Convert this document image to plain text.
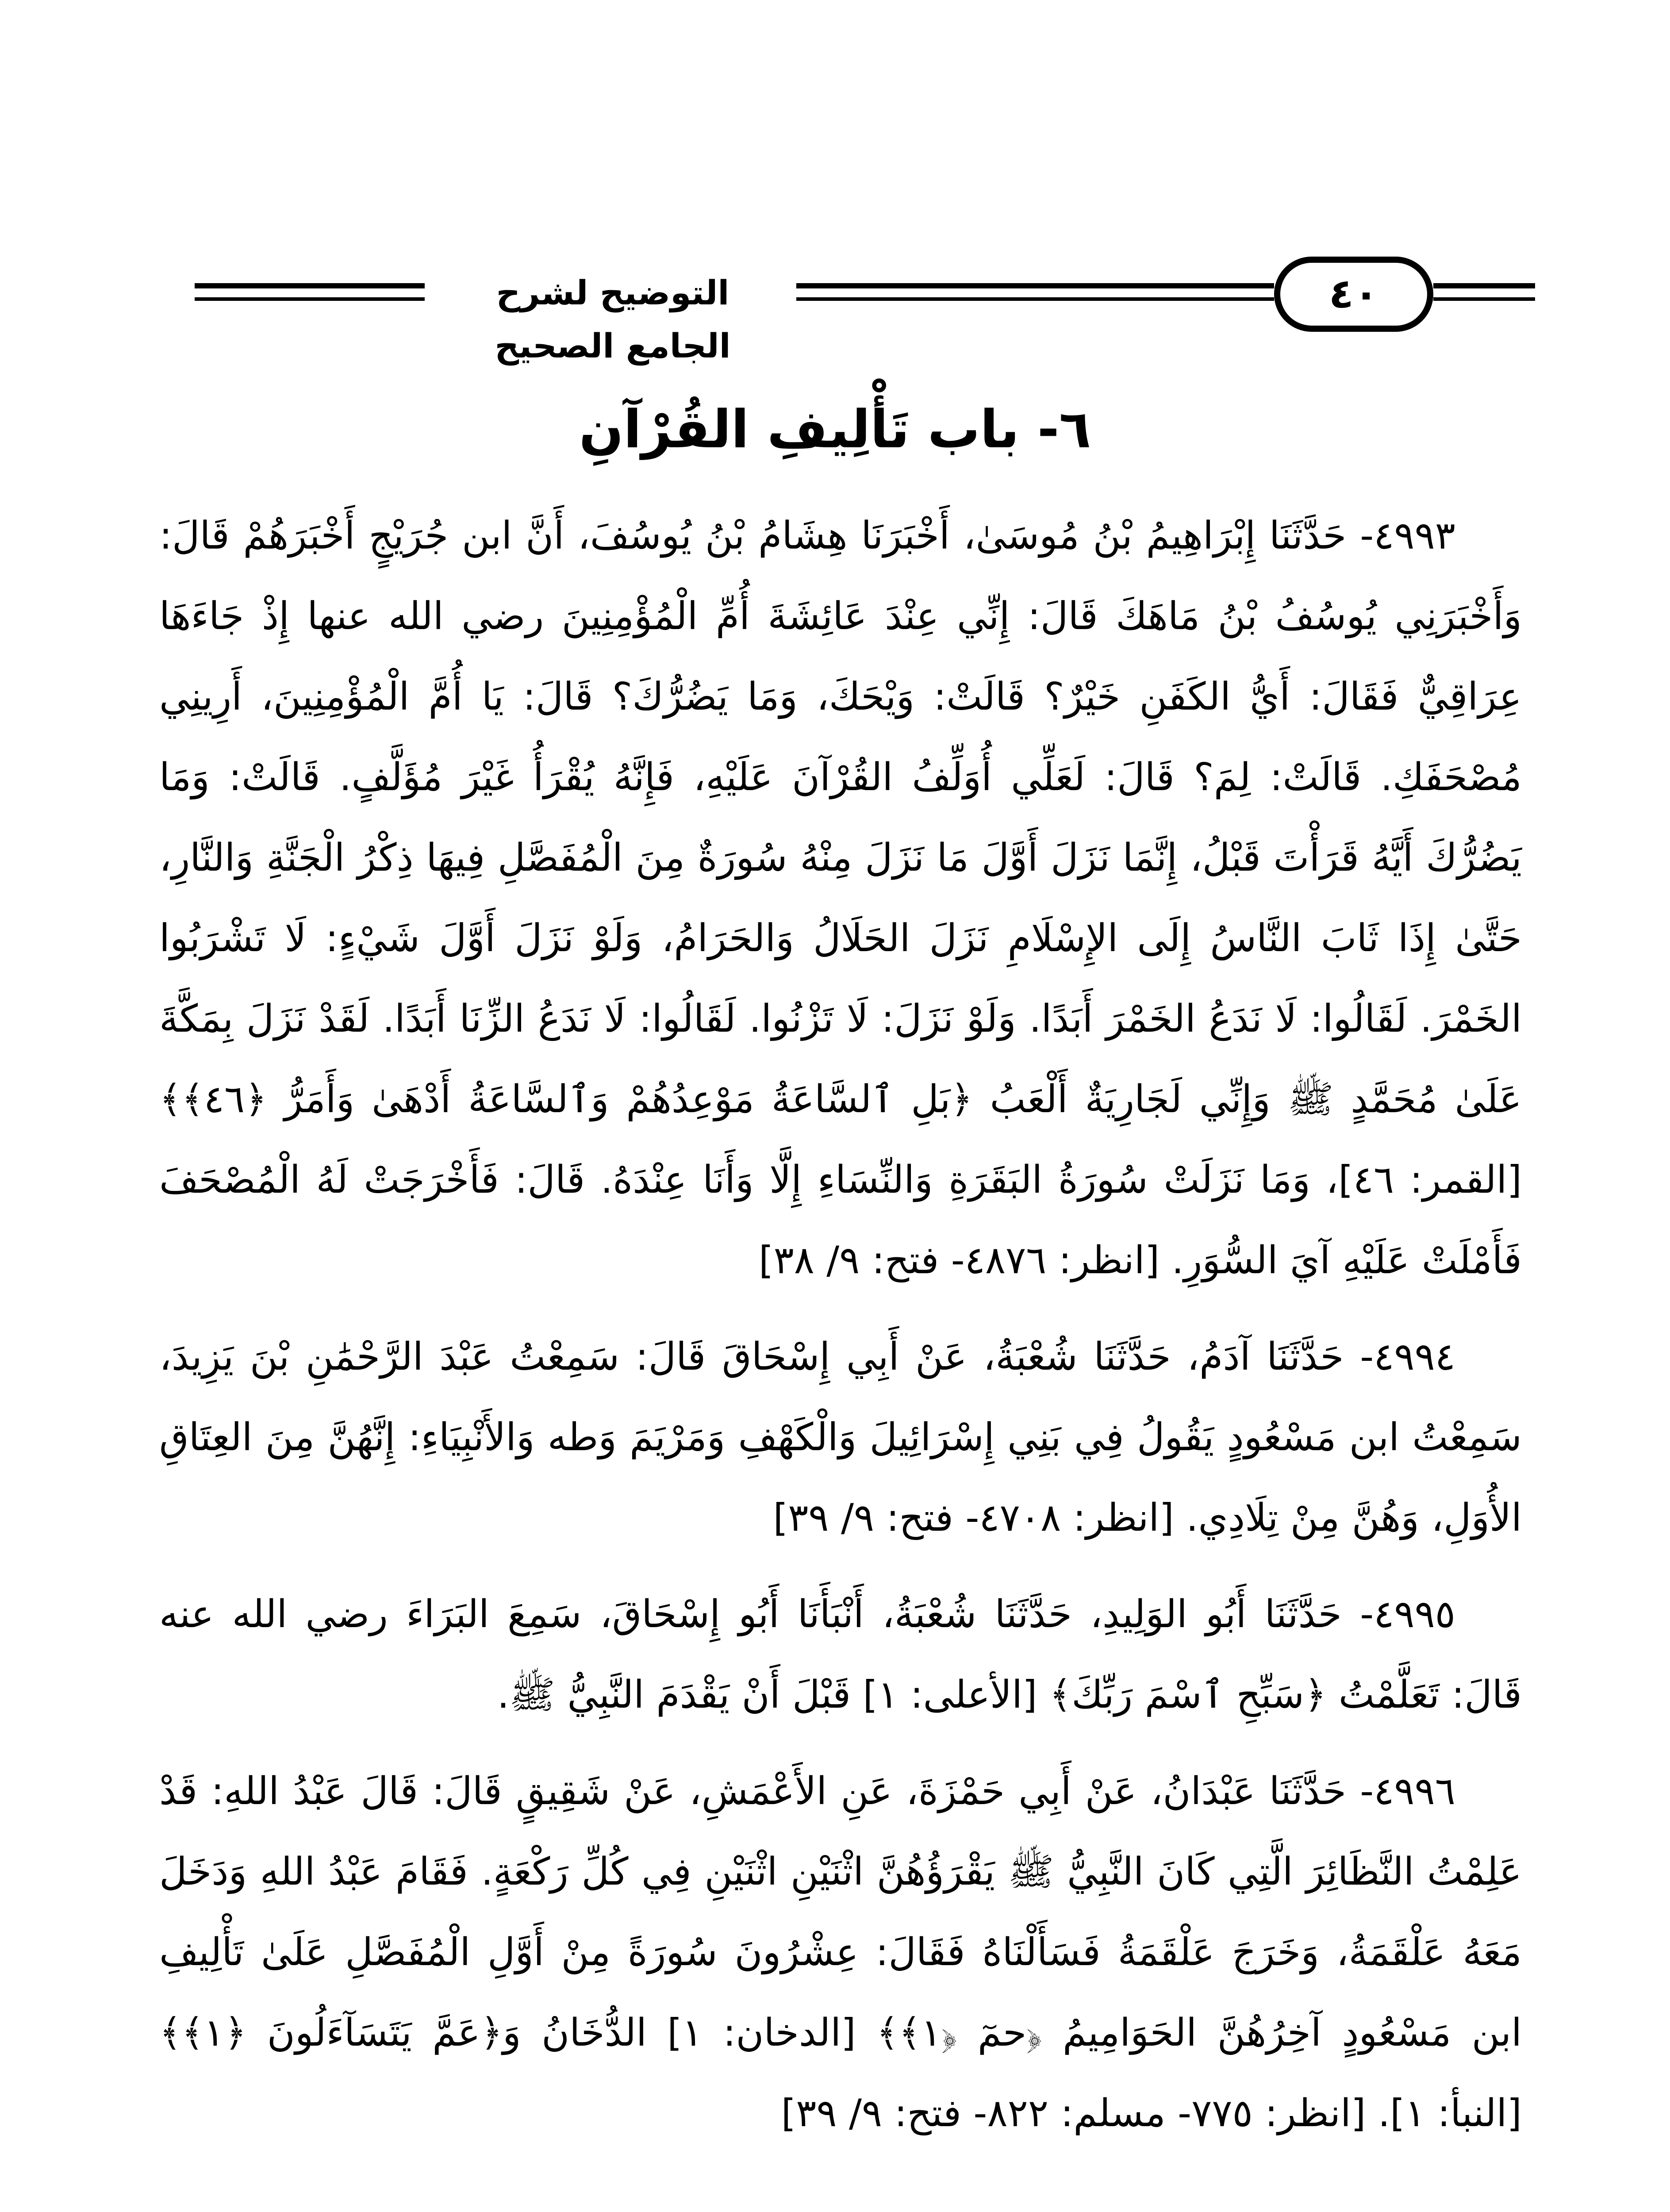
التوضيح لشرح الجامع الصحيح
٤٠
٦- باب تَأْلِيفِ القُرْآنِ

٤٩٩٣- حَدَّثَنَا إِبْرَاهِيمُ بْنُ مُوسَىٰ، أَخْبَرَنَا هِشَامُ بْنُ يُوسُفَ، أَنَّ ابن جُرَيْجٍ أَخْبَرَهُمْ قَالَ: وَأَخْبَرَنِي يُوسُفُ بْنُ مَاهَكَ قَالَ: إِنِّي عِنْدَ عَائِشَةَ أُمِّ الْمُؤْمِنِينَ رضي الله عنها إِذْ جَاءَهَا عِرَاقِيٌّ فَقَالَ: أَيُّ الكَفَنِ خَيْرٌ؟ قَالَتْ: وَيْحَكَ، وَمَا يَضُرُّكَ؟ قَالَ: يَا أُمَّ الْمُؤْمِنِينَ، أَرِينِي مُصْحَفَكِ. قَالَتْ: لِمَ؟ قَالَ: لَعَلِّي أُوَلِّفُ القُرْآنَ عَلَيْهِ، فَإِنَّهُ يُقْرَأُ غَيْرَ مُؤَلَّفٍ. قَالَتْ: وَمَا يَضُرُّكَ أَيَّهُ قَرَأْتَ قَبْلُ، إِنَّمَا نَزَلَ أَوَّلَ مَا نَزَلَ مِنْهُ سُورَةٌ مِنَ الْمُفَصَّلِ فِيهَا ذِكْرُ الْجَنَّةِ وَالنَّارِ، حَتَّىٰ إِذَا ثَابَ النَّاسُ إِلَى الإِسْلَامِ نَزَلَ الحَلَالُ وَالحَرَامُ، وَلَوْ نَزَلَ أَوَّلَ شَيْءٍ: لَا تَشْرَبُوا الخَمْرَ. لَقَالُوا: لَا نَدَعُ الخَمْرَ أَبَدًا. وَلَوْ نَزَلَ: لَا تَزْنُوا. لَقَالُوا: لَا نَدَعُ الزِّنَا أَبَدًا. لَقَدْ نَزَلَ بِمَكَّةَ عَلَىٰ مُحَمَّدٍ ﷺ وَإِنِّي لَجَارِيَةٌ أَلْعَبُ ﴿بَلِ ٱلسَّاعَةُ مَوْعِدُهُمْ وَٱلسَّاعَةُ أَدْهَىٰ وَأَمَرُّ ﴿٤٦﴾﴾ [القمر: ٤٦]، وَمَا نَزَلَتْ سُورَةُ البَقَرَةِ وَالنِّسَاءِ إِلَّا وَأَنَا عِنْدَهُ. قَالَ: فَأَخْرَجَتْ لَهُ الْمُصْحَفَ فَأَمْلَتْ عَلَيْهِ آيَ السُّوَرِ. [انظر: ٤٨٧٦- فتح: ٩/ ٣٨]

٤٩٩٤- حَدَّثَنَا آدَمُ، حَدَّثَنَا شُعْبَةُ، عَنْ أَبِي إِسْحَاقَ قَالَ: سَمِعْتُ عَبْدَ الرَّحْمَٰنِ بْنَ يَزِيدَ، سَمِعْتُ ابن مَسْعُودٍ يَقُولُ فِي بَنِي إِسْرَائِيلَ وَالْكَهْفِ وَمَرْيَمَ وَطه وَالأَنْبِيَاءِ: إِنَّهُنَّ مِنَ العِتَاقِ الأُوَلِ، وَهُنَّ مِنْ تِلَادِي. [انظر: ٤٧٠٨- فتح: ٩/ ٣٩]

٤٩٩٥- حَدَّثَنَا أَبُو الوَلِيدِ، حَدَّثَنَا شُعْبَةُ، أَنْبَأَنَا أَبُو إِسْحَاقَ، سَمِعَ البَرَاءَ رضي الله عنه قَالَ: تَعَلَّمْتُ ﴿سَبِّحِ ٱسْمَ رَبِّكَ﴾ [الأعلى: ١] قَبْلَ أَنْ يَقْدَمَ النَّبِيُّ ﷺ.

٤٩٩٦- حَدَّثَنَا عَبْدَانُ، عَنْ أَبِي حَمْزَةَ، عَنِ الأَعْمَشِ، عَنْ شَقِيقٍ قَالَ: قَالَ عَبْدُ اللهِ: قَدْ عَلِمْتُ النَّظَائِرَ الَّتِي كَانَ النَّبِيُّ ﷺ يَقْرَؤُهُنَّ اثْنَيْنِ اثْنَيْنِ فِي كُلِّ رَكْعَةٍ. فَقَامَ عَبْدُ اللهِ وَدَخَلَ مَعَهُ عَلْقَمَةُ، وَخَرَجَ عَلْقَمَةُ فَسَأَلْنَاهُ فَقَالَ: عِشْرُونَ سُورَةً مِنْ أَوَّلِ الْمُفَصَّلِ عَلَىٰ تَأْلِيفِ ابن مَسْعُودٍ آخِرُهُنَّ الحَوَامِيمُ ﴿حمٓ ﴿١﴾﴾ [الدخان: ١] الدُّخَانُ وَ﴿عَمَّ يَتَسَآءَلُونَ ﴿١﴾﴾ [النبأ: ١]. [انظر: ٧٧٥- مسلم: ٨٢٢- فتح: ٩/ ٣٩]
